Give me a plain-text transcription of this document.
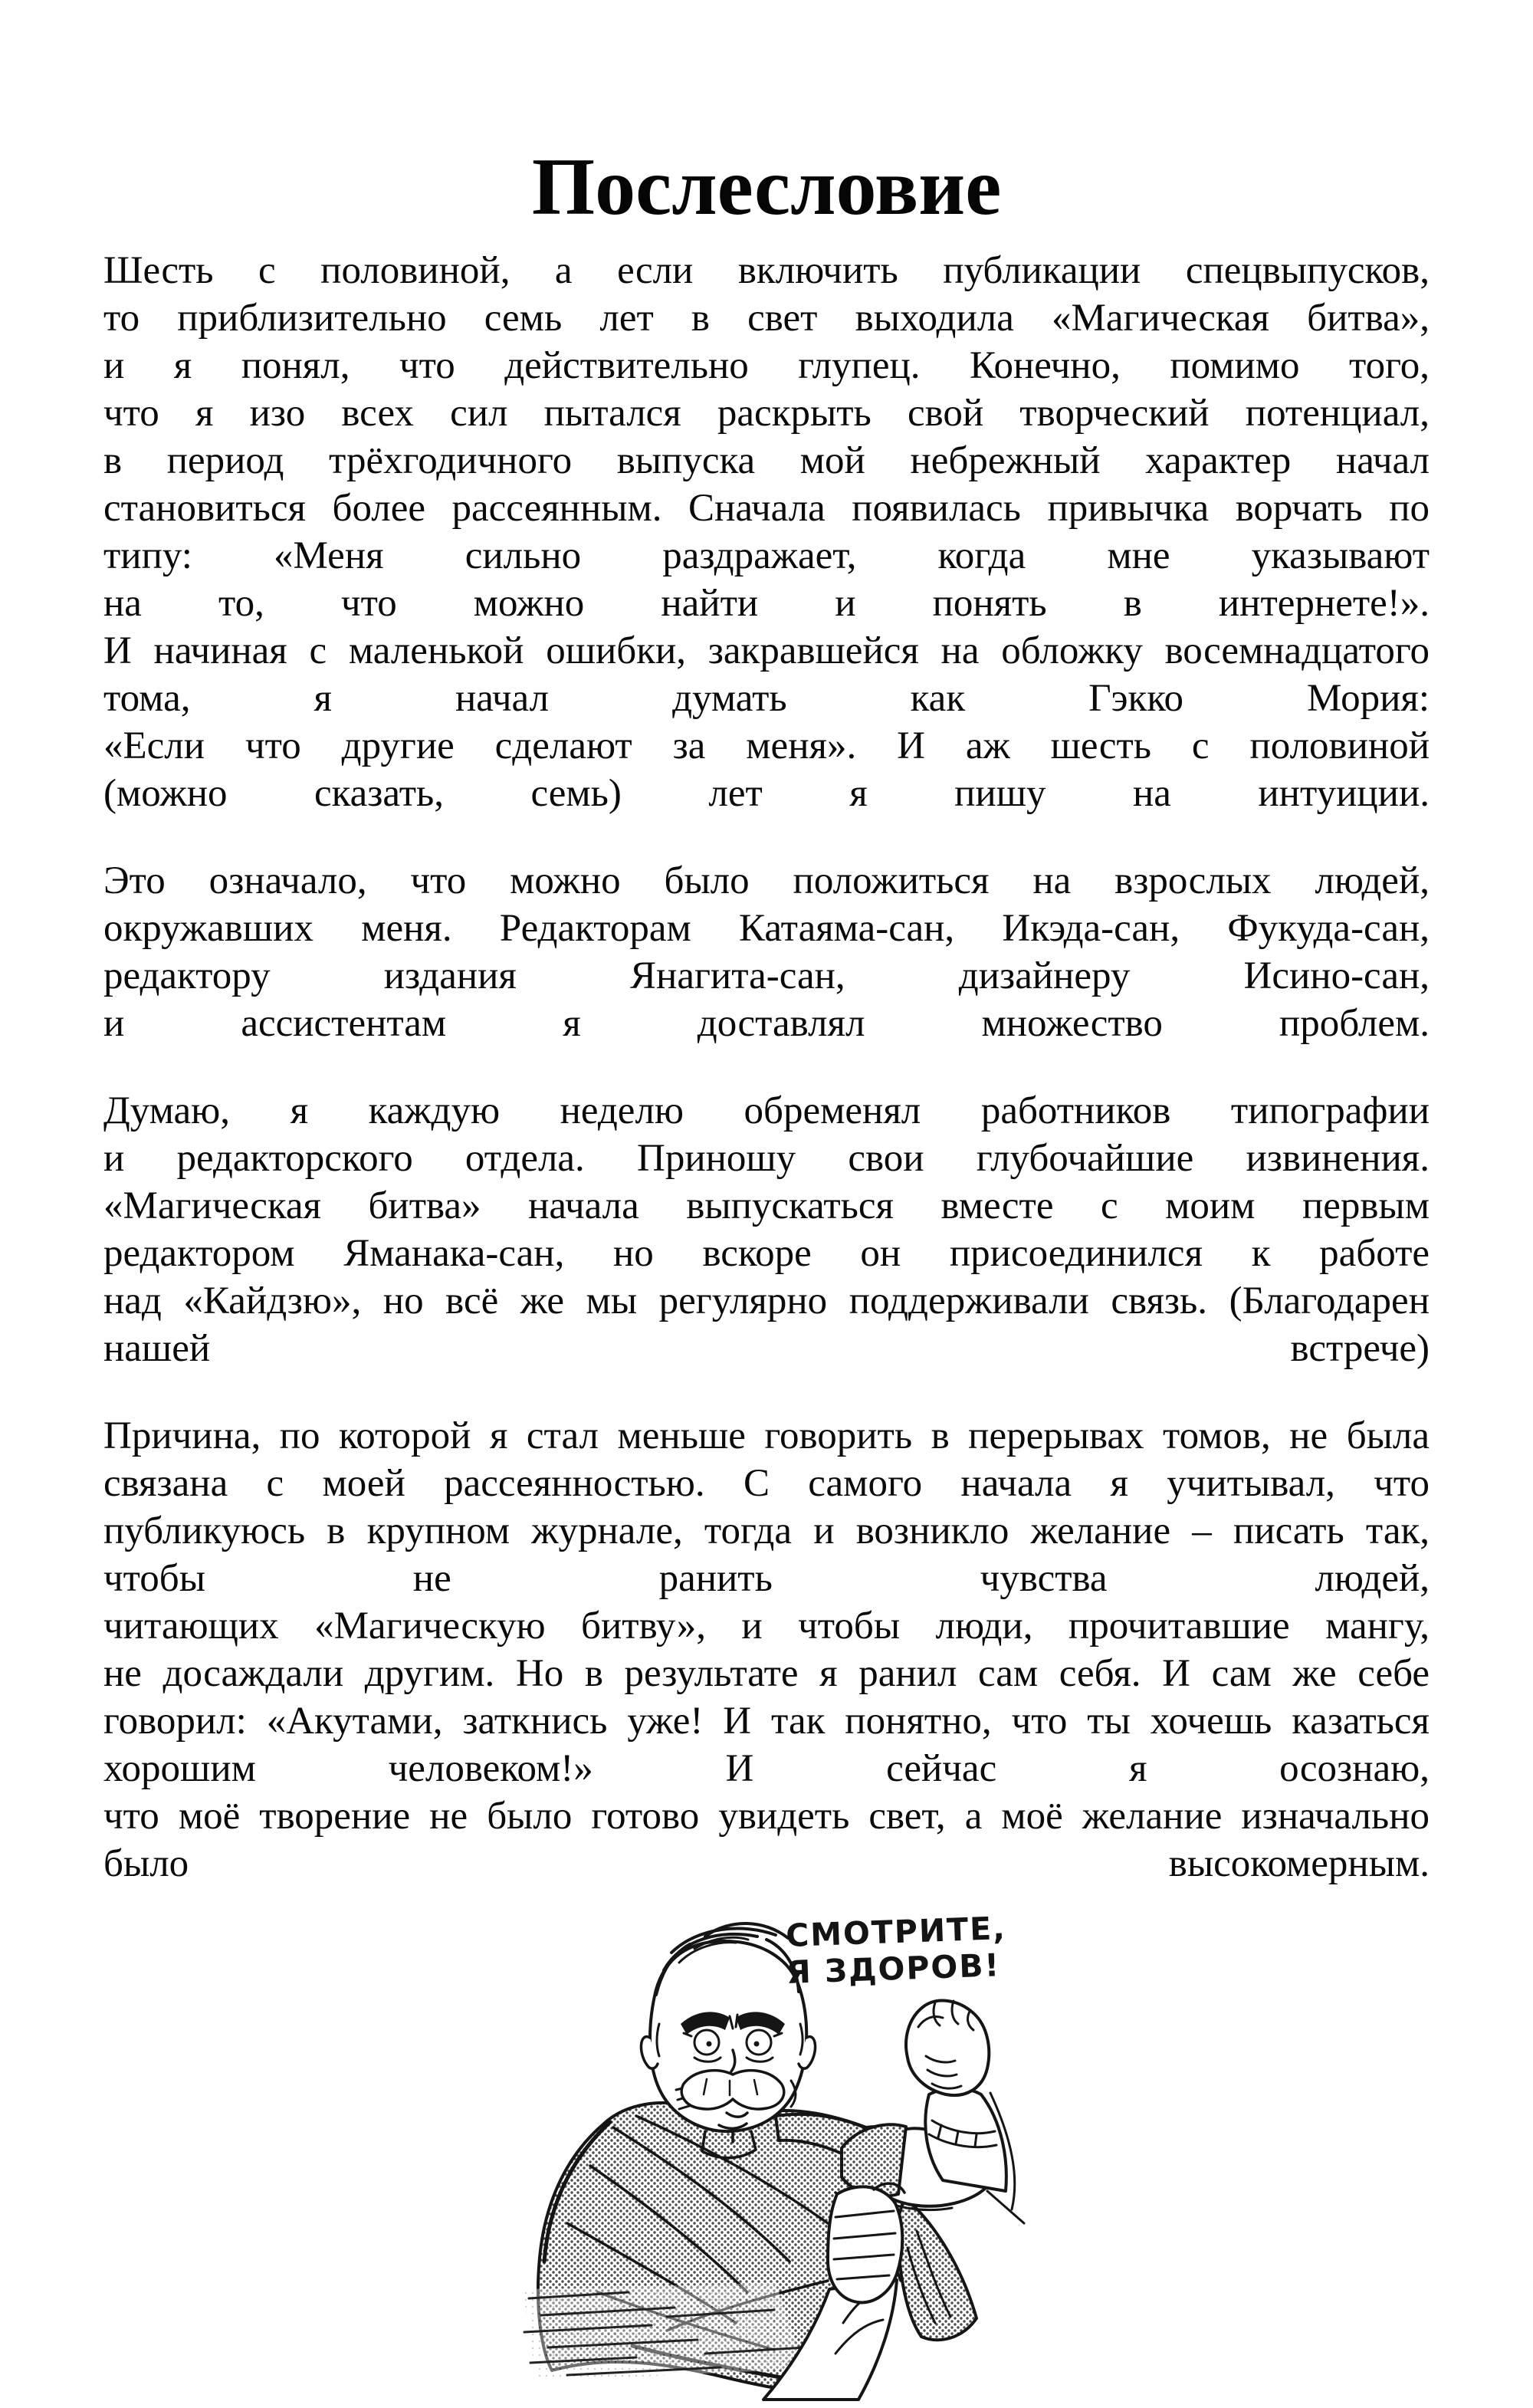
Послесловие
Шесть с половиной, а если включить публикации спецвыпусков,
то приблизительно семь лет в свет выходила «Магическая битва»,
и я понял, что действительно глупец. Конечно, помимо того,
что я изо всех сил пытался раскрыть свой творческий потенциал,
в период трёхгодичного выпуска мой небрежный характер начал
становиться более рассеянным. Сначала появилась привычка ворчать по
типу: «Меня сильно раздражает, когда мне указывают
на то, что можно найти и понять в интернете!».
И начиная с маленькой ошибки, закравшейся на обложку восемнадцатого
тома, я начал думать как Гэкко Мория:
«Если что другие сделают за меня». И аж шесть с половиной
(можно сказать, семь) лет я пишу на интуиции.
Это означало, что можно было положиться на взрослых людей,
окружавших меня. Редакторам Катаяма-сан, Икэда-сан, Фукуда-сан,
редактору издания Янагита-сан, дизайнеру Исино-сан,
и ассистентам я доставлял множество проблем.
Думаю, я каждую неделю обременял работников типографии
и редакторского отдела. Приношу свои глубочайшие извинения.
«Магическая битва» начала выпускаться вместе с моим первым
редактором Яманака-сан, но вскоре он присоединился к работе
над «Кайдзю», но всё же мы регулярно поддерживали связь. (Благодарен
нашей встрече)
Причина, по которой я стал меньше говорить в перерывах томов, не была
связана с моей рассеянностью. С самого начала я учитывал, что
публикуюсь в крупном журнале, тогда и возникло желание – писать так,
чтобы не ранить чувства людей,
читающих «Магическую битву», и чтобы люди, прочитавшие мангу,
не досаждали другим. Но в результате я ранил сам себя. И сам же себе
говорил: «Акутами, заткнись уже! И так понятно, что ты хочешь казаться
хорошим человеком!» И сейчас я осознаю,
что моё творение не было готово увидеть свет, а моё желание изначально
было высокомерным.
СМОТРИТЕ,
Я ЗДОРОВ!
